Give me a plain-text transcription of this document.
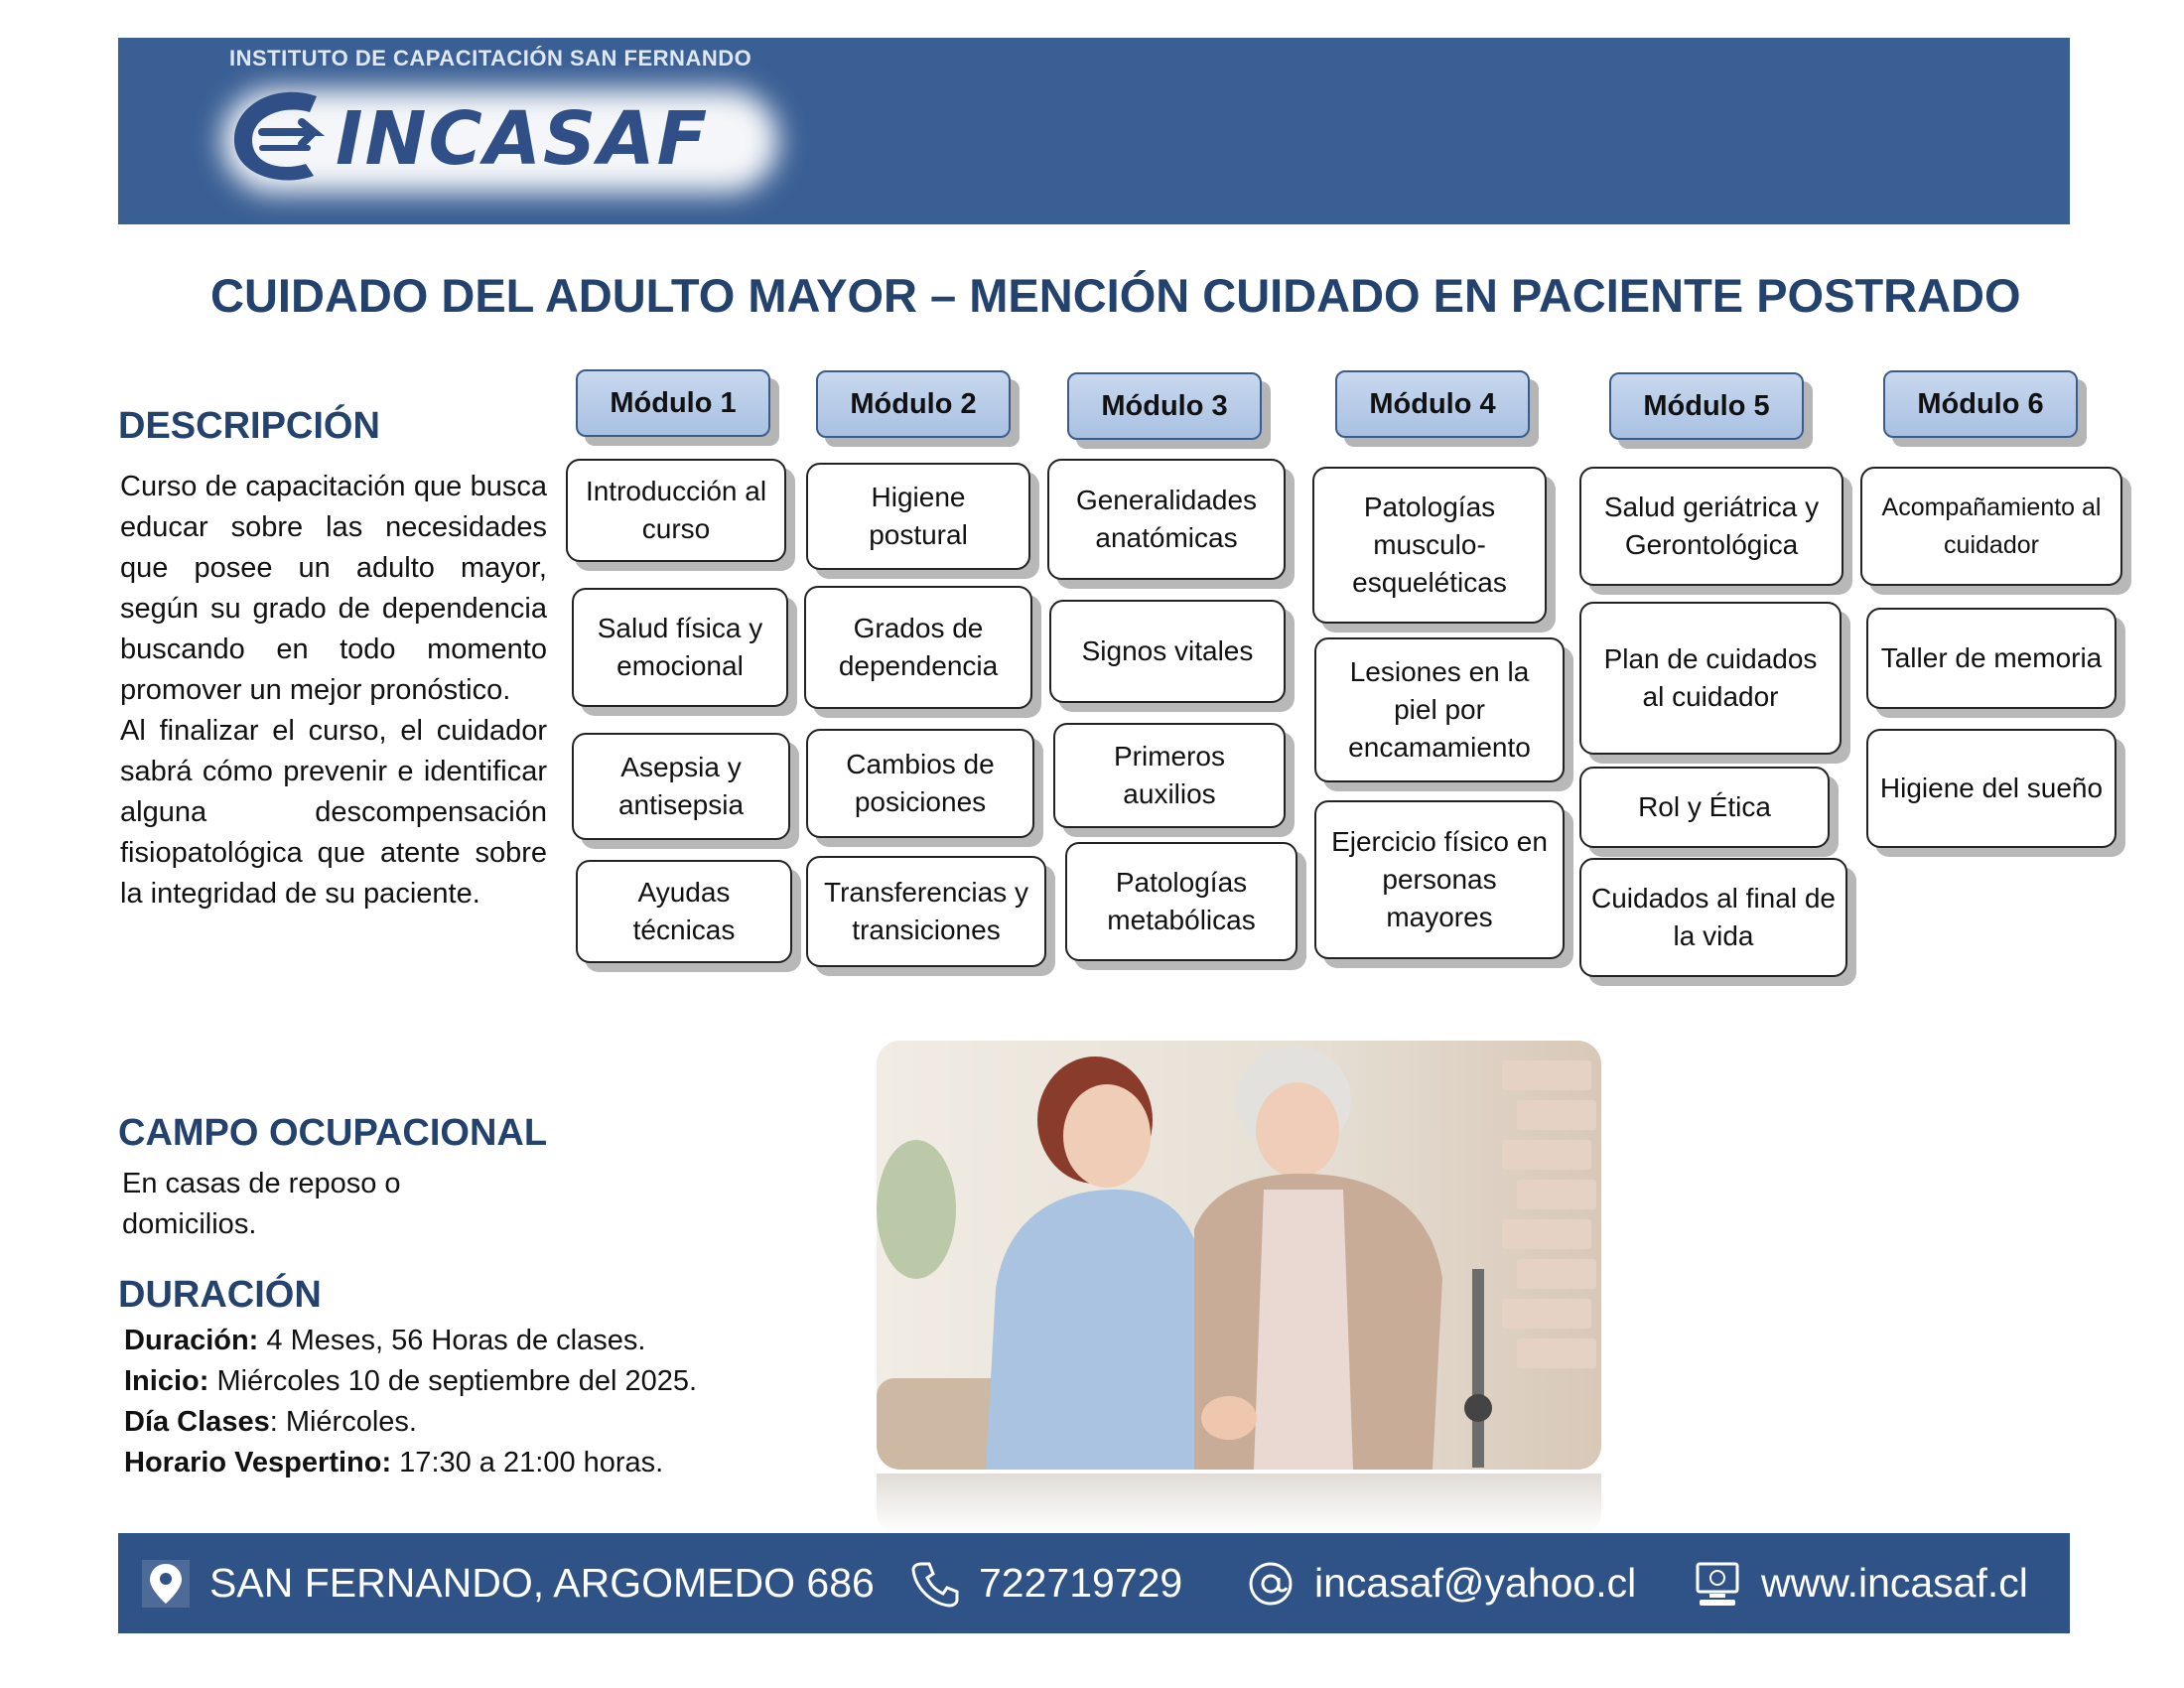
INSTITUTO DE CAPACITACIÓN SAN FERNANDO
INCASAF
CUIDADO DEL ADULTO MAYOR – MENCIÓN CUIDADO EN PACIENTE POSTRADO
DESCRIPCIÓN

Curso de capacitación que busca educar sobre las necesidades que posee un adulto mayor, según su grado de dependencia buscando en todo momento promover un mejor pronóstico.

Al finalizar el curso, el cuidador sabrá cómo prevenir e identificar alguna descompensación fisiopatológica que atente sobre la integridad de su paciente.

CAMPO OCUPACIONAL
En casas de reposo o domicilios.
DURACIÓN
Duración: 4 Meses, 56 Horas de clases.
Inicio: Miércoles 10 de septiembre del 2025.
Día Clases: Miércoles.
Horario Vespertino: 17:30 a 21:00 horas.
Módulo 1
Introducción al curso
Salud física y emocional
Asepsia y antisepsia
Ayudas técnicas
Módulo 2
Higiene postural
Grados de dependencia
Cambios de posiciones
Transferencias y transiciones
Módulo 3
Generalidades anatómicas
Signos vitales
Primeros auxilios
Patologías metabólicas
Módulo 4
Patologías musculo-esqueléticas
Lesiones en la piel por encamamiento
Ejercicio físico en personas mayores
Módulo 5
Salud geriátrica y Gerontológica
Plan de cuidados al cuidador
Rol y Ética
Cuidados al final de la vida
Módulo 6
Acompañamiento al cuidador
Taller de memoria
Higiene del sueño
SAN FERNANDO, ARGOMEDO 686	722719729	incasaf@yahoo.cl	www.incasaf.cl
